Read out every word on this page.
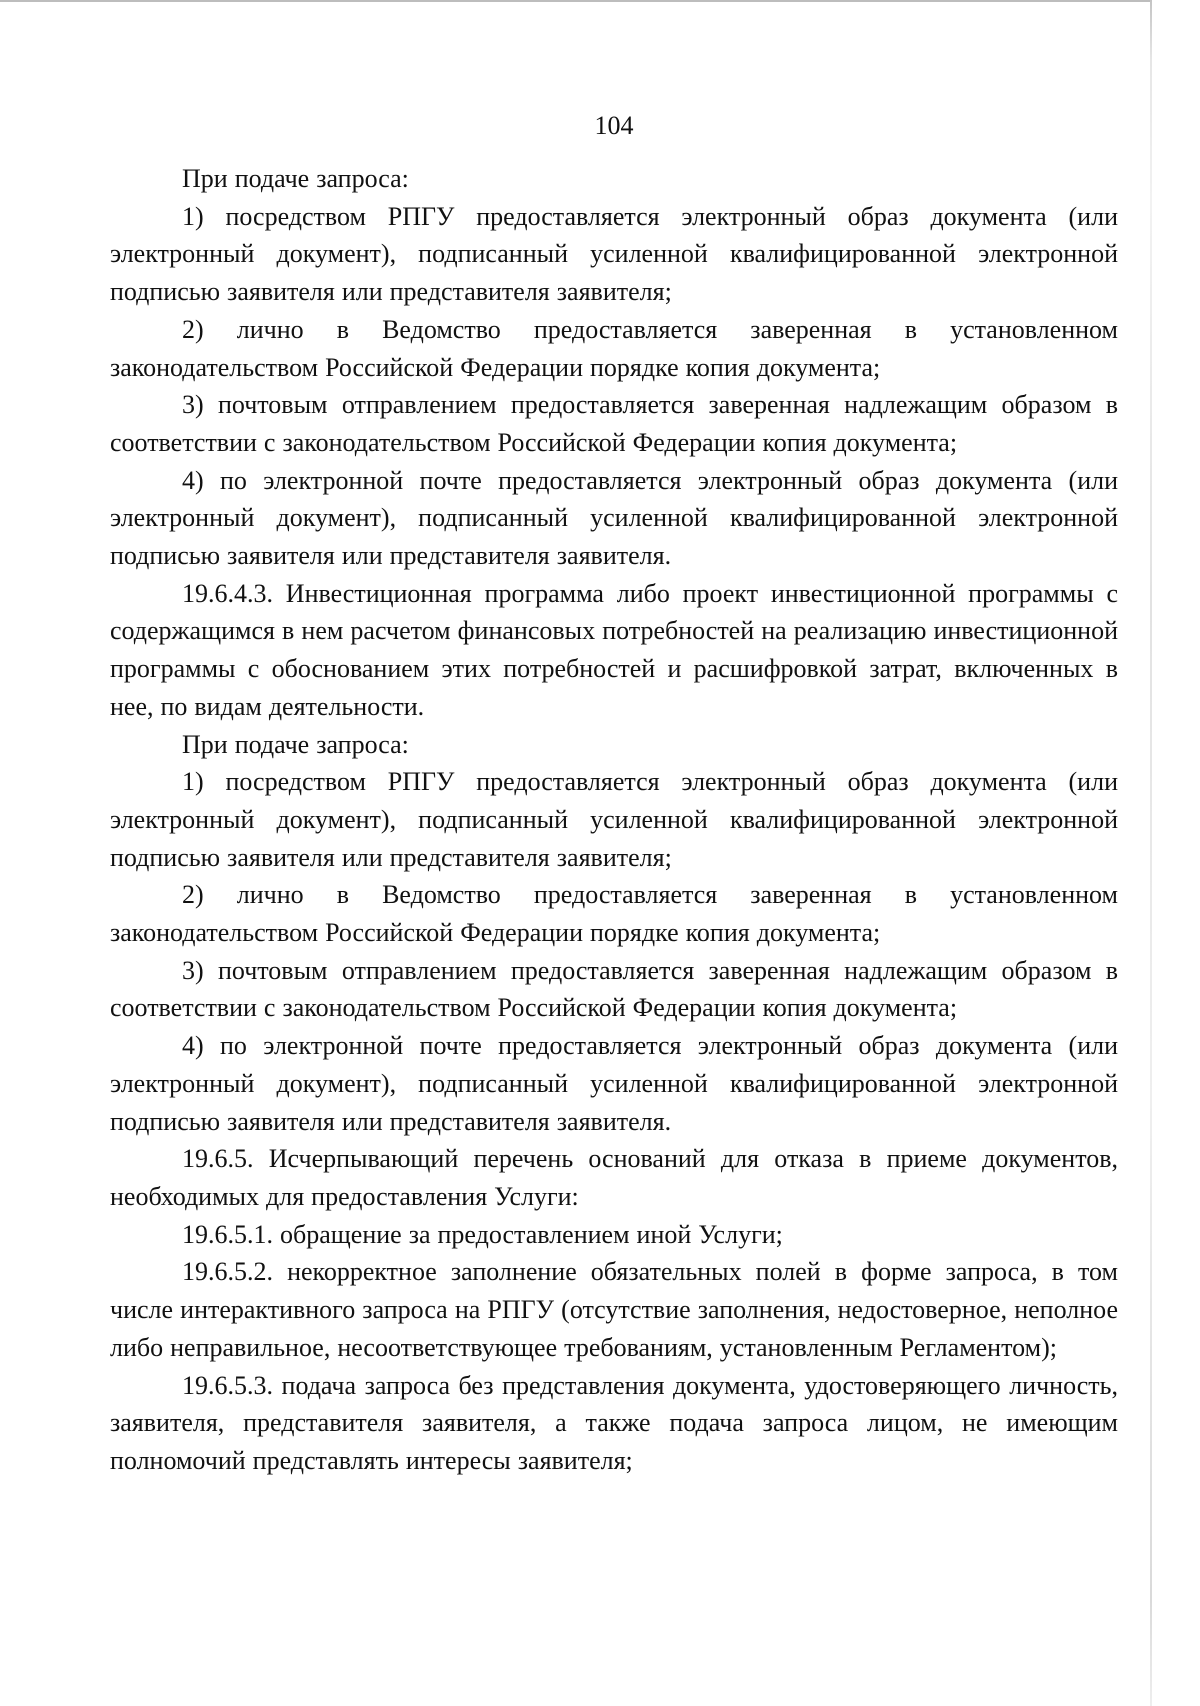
104

При подаче запроса:

1) посредством РПГУ предоставляется электронный образ документа (или электронный документ), подписанный усиленной квалифицированной электронной подписью заявителя или представителя заявителя;

2) лично в Ведомство предоставляется заверенная в установленном законодательством Российской Федерации порядке копия документа;

3) почтовым отправлением предоставляется заверенная надлежащим образом в соответствии с законодательством Российской Федерации копия документа;

4) по электронной почте предоставляется электронный образ документа (или электронный документ), подписанный усиленной квалифицированной электронной подписью заявителя или представителя заявителя.

19.6.4.3. Инвестиционная программа либо проект инвестиционной программы с содержащимся в нем расчетом финансовых потребностей на реализацию инвестиционной программы с обоснованием этих потребностей и расшифровкой затрат, включенных в нее, по видам деятельности.

При подаче запроса:

1) посредством РПГУ предоставляется электронный образ документа (или электронный документ), подписанный усиленной квалифицированной электронной подписью заявителя или представителя заявителя;

2) лично в Ведомство предоставляется заверенная в установленном законодательством Российской Федерации порядке копия документа;

3) почтовым отправлением предоставляется заверенная надлежащим образом в соответствии с законодательством Российской Федерации копия документа;

4) по электронной почте предоставляется электронный образ документа (или электронный документ), подписанный усиленной квалифицированной электронной подписью заявителя или представителя заявителя.

19.6.5. Исчерпывающий перечень оснований для отказа в приеме документов, необходимых для предоставления Услуги:

19.6.5.1. обращение за предоставлением иной Услуги;

19.6.5.2. некорректное заполнение обязательных полей в форме запроса, в том числе интерактивного запроса на РПГУ (отсутствие заполнения, недостоверное, неполное либо неправильное, несоответствующее требованиям, установленным Регламентом);

19.6.5.3. подача запроса без представления документа, удостоверяющего личность, заявителя, представителя заявителя, а также подача запроса лицом, не имеющим полномочий представлять интересы заявителя;
